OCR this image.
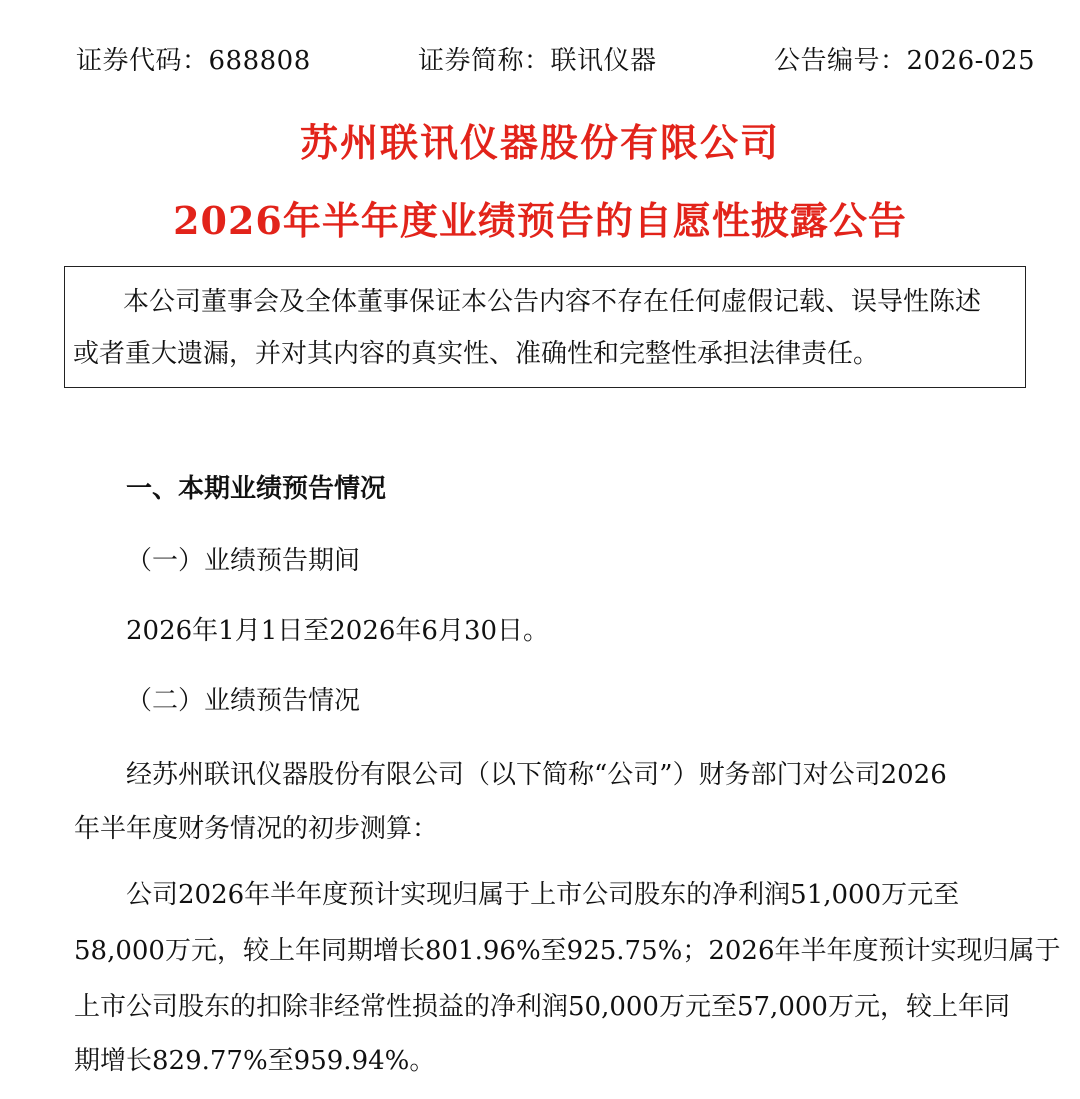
证券代码：688808	证券简称：联讯仪器	公告编号：2026-025
苏州联讯仪器股份有限公司
2026年半年度业绩预告的自愿性披露公告

本公司董事会及全体董事保证本公告内容不存在任何虚假记载、误导性陈述

或者重大遗漏，并对其内容的真实性、准确性和完整性承担法律责任。

一、本期业绩预告情况

（一）业绩预告期间

2026年1月1日至2026年6月30日。

（二）业绩预告情况

经苏州联讯仪器股份有限公司（以下简称“公司”）财务部门对公司2026

年半年度财务情况的初步测算：

公司2026年半年度预计实现归属于上市公司股东的净利润51,000万元至

58,000万元，较上年同期增长801.96%至925.75%；2026年半年度预计实现归属于

上市公司股东的扣除非经常性损益的净利润50,000万元至57,000万元，较上年同

期增长829.77%至959.94%。
